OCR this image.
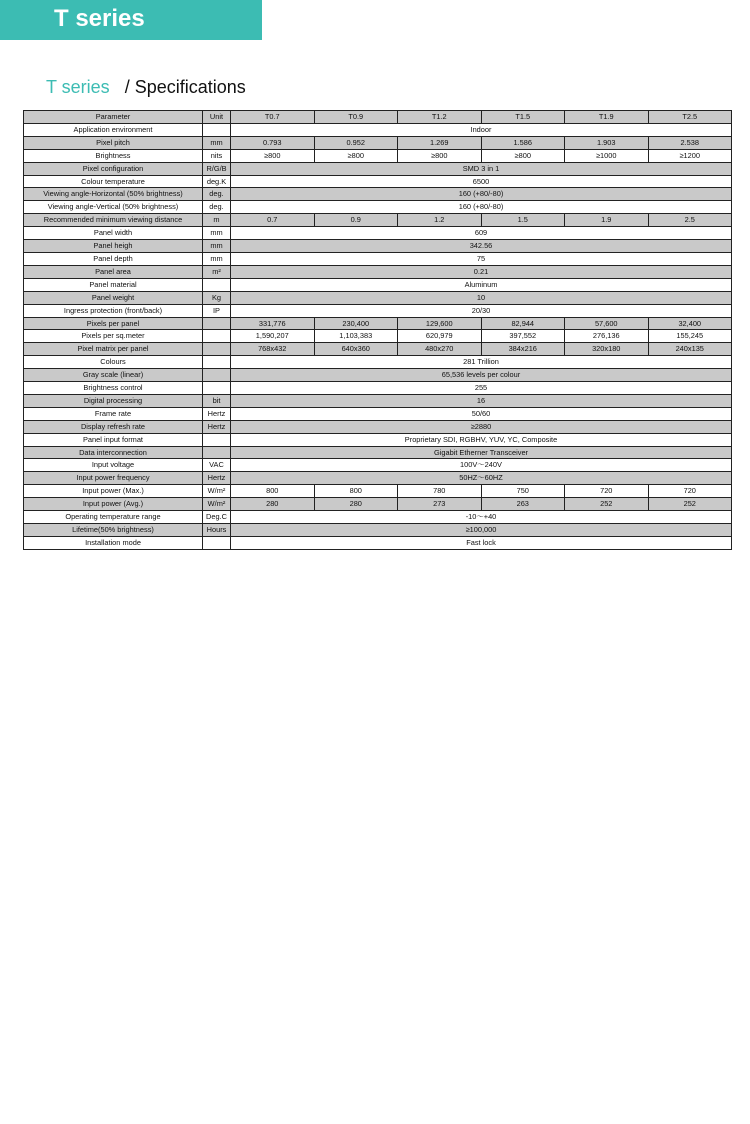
T series
T series / Specifications
Parameter	Unit	T0.7	T0.9	T1.2	T1.5	T1.9	T2.5
Application environment		Indoor					
Pixel pitch	mm	0.793	0.952	1.269	1.586	1.903	2.538
Brightness	nits	≥800	≥800	≥800	≥800	≥1000	≥1200
Pixel configuration	R/G/B	SMD 3 in 1					
Colour temperature	deg.K	6500					
Viewing angle-Horizontal (50% brightness)	deg.	160 (+80/-80)					
Viewing angle-Vertical (50% brightness)	deg.	160 (+80/-80)					
Recommended minimum viewing distance	m	0.7	0.9	1.2	1.5	1.9	2.5
Panel width	mm	609					
Panel heigh	mm	342.56					
Panel depth	mm	75					
Panel area	m²	0.21					
Panel material		Aluminum					
Panel weight	Kg	10					
Ingress protection (front/back)	IP	20/30					
Pixels per panel		331,776	230,400	129,600	82,944	57,600	32,400
Pixels per sq.meter		1,590,207	1,103,383	620,979	397,552	276,136	155,245
Pixel matrix per panel		768x432	640x360	480x270	384x216	320x180	240x135
Colours		281 Trillion					
Gray scale (linear)		65,536 levels per colour					
Brightness control		255					
Digital processing	bit	16					
Frame rate	Hertz	50/60					
Display refresh rate	Hertz	≥2880					
Panel input format		Proprietary SDI, RGBHV, YUV, YC, Composite					
Data interconnection		Gigabit Etherner Transceiver					
Input voltage	VAC	100V～240V					
Input power frequency	Hertz	50HZ～60HZ					
Input power (Max.)	W/m²	800	800	780	750	720	720
Input power (Avg.)	W/m²	280	280	273	263	252	252
Operating temperature range	Deg.C	-10～+40					
Lifetime(50% brightness)	Hours	≥100,000					
Installation mode		Fast lock					
